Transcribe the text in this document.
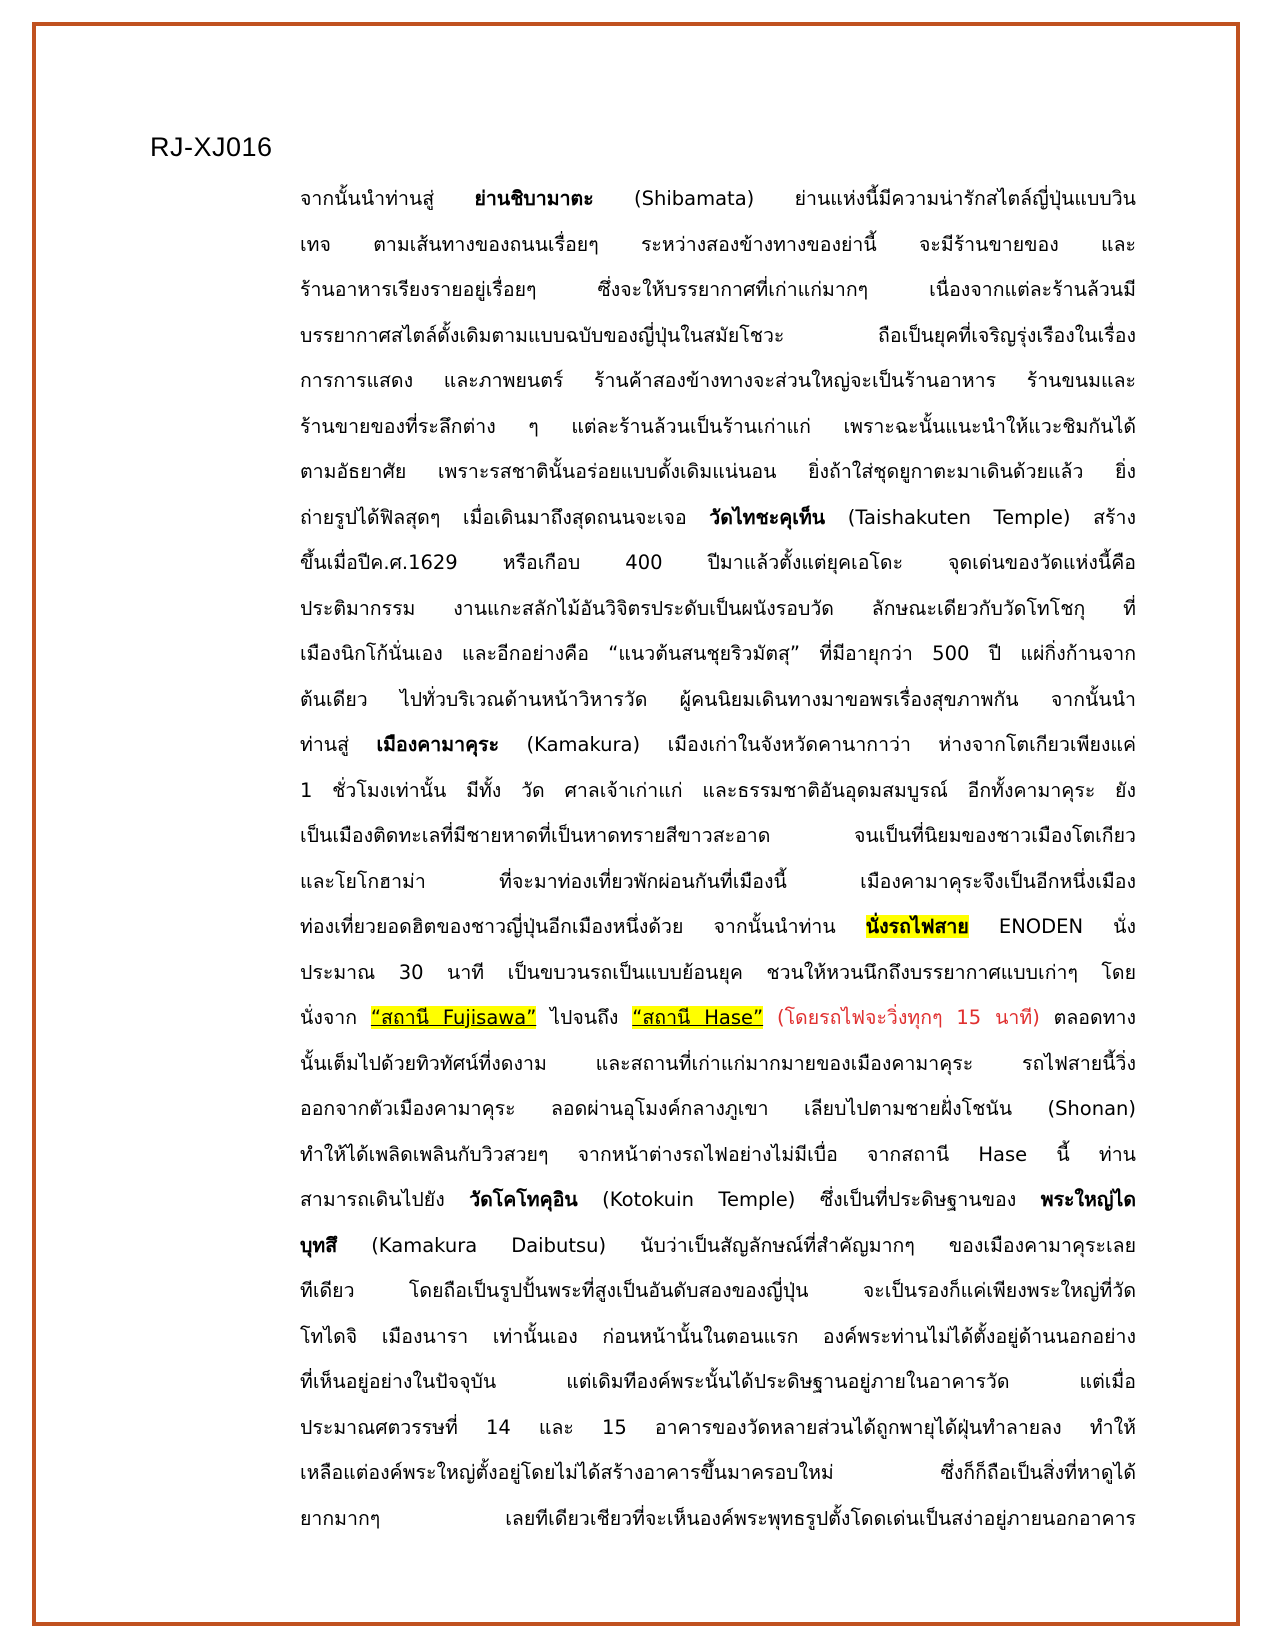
RJ-XJ016
จากนั้นนำท่านสู่ ย่านชิบามาตะ (Shibamata) ย่านแห่งนี้มีความน่ารักสไตล์ญี่ปุ่นแบบวิน
เทจ ตามเส้นทางของถนนเรื่อยๆ ระหว่างสองข้างทางของย่านี้ จะมีร้านขายของ และ
ร้านอาหารเรียงรายอยู่เรื่อยๆ ซึ่งจะให้บรรยากาศที่เก่าแก่มากๆ เนื่องจากแต่ละร้านล้วนมี
บรรยากาศสไตล์ดั้งเดิมตามแบบฉบับของญี่ปุ่นในสมัยโชวะ ถือเป็นยุคที่เจริญรุ่งเรืองในเรื่อง
การการแสดง และภาพยนตร์ ร้านค้าสองข้างทางจะส่วนใหญ่จะเป็นร้านอาหาร ร้านขนมและ
ร้านขายของที่ระลึกต่าง ๆ แต่ละร้านล้วนเป็นร้านเก่าแก่ เพราะฉะนั้นแนะนำให้แวะชิมกันได้
ตามอัธยาศัย เพราะรสชาตินั้นอร่อยแบบดั้งเดิมแน่นอน ยิ่งถ้าใส่ชุดยูกาตะมาเดินด้วยแล้ว ยิ่ง
ถ่ายรูปได้ฟิลสุดๆ เมื่อเดินมาถึงสุดถนนจะเจอ วัดไทชะคุเท็น (Taishakuten Temple) สร้าง
ขึ้นเมื่อปีค.ศ.1629 หรือเกือบ 400 ปีมาแล้วตั้งแต่ยุคเอโดะ จุดเด่นของวัดแห่งนี้คือ
ประติมากรรม งานแกะสลักไม้อันวิจิตรประดับเป็นผนังรอบวัด ลักษณะเดียวกับวัดโทโชกุ ที่
เมืองนิกโก้นั่นเอง และอีกอย่างคือ “แนวต้นสนชุยริวมัตสุ” ที่มีอายุกว่า 500 ปี แผ่กิ่งก้านจาก
ต้นเดียว ไปทั่วบริเวณด้านหน้าวิหารวัด ผู้คนนิยมเดินทางมาขอพรเรื่องสุขภาพกัน จากนั้นนำ
ท่านสู่ เมืองคามาคุระ (Kamakura) เมืองเก่าในจังหวัดคานากาว่า ห่างจากโตเกียวเพียงแค่
1 ชั่วโมงเท่านั้น มีทั้ง วัด ศาลเจ้าเก่าแก่ และธรรมชาติอันอุดมสมบูรณ์ อีกทั้งคามาคุระ ยัง
เป็นเมืองติดทะเลที่มีชายหาดที่เป็นหาดทรายสีขาวสะอาด จนเป็นที่นิยมของชาวเมืองโตเกียว
และโยโกฮาม่า ที่จะมาท่องเที่ยวพักผ่อนกันที่เมืองนี้ เมืองคามาคุระจึงเป็นอีกหนึ่งเมือง
ท่องเที่ยวยอดฮิตของชาวญี่ปุ่นอีกเมืองหนึ่งด้วย จากนั้นนำท่าน นั่งรถไฟสาย ENODEN นั่ง
ประมาณ 30 นาที เป็นขบวนรถเป็นแบบย้อนยุค ชวนให้หวนนึกถึงบรรยากาศแบบเก่าๆ โดย
นั่งจาก “สถานี Fujisawa” ไปจนถึง “สถานี Hase” (โดยรถไฟจะวิ่งทุกๆ 15 นาที) ตลอดทาง
นั้นเต็มไปด้วยทิวทัศน์ที่งดงาม และสถานที่เก่าแก่มากมายของเมืองคามาคุระ รถไฟสายนี้วิ่ง
ออกจากตัวเมืองคามาคุระ ลอดผ่านอุโมงค์กลางภูเขา เลียบไปตามชายฝั่งโชนัน (Shonan)
ทำให้ได้เพลิดเพลินกับวิวสวยๆ จากหน้าต่างรถไฟอย่างไม่มีเบื่อ จากสถานี Hase นี้ ท่าน
สามารถเดินไปยัง วัดโคโทคุอิน (Kotokuin Temple) ซึ่งเป็นที่ประดิษฐานของ พระใหญ่ได
บุทสึ (Kamakura Daibutsu) นับว่าเป็นสัญลักษณ์ที่สำคัญมากๆ ของเมืองคามาคุระเลย
ทีเดียว โดยถือเป็นรูปปั้นพระที่สูงเป็นอันดับสองของญี่ปุ่น จะเป็นรองก็แค่เพียงพระใหญ่ที่วัด
โทไดจิ เมืองนารา เท่านั้นเอง ก่อนหน้านั้นในตอนแรก องค์พระท่านไม่ได้ตั้งอยู่ด้านนอกอย่าง
ที่เห็นอยู่อย่างในปัจจุบัน แต่เดิมทีองค์พระนั้นได้ประดิษฐานอยู่ภายในอาคารวัด แต่เมื่อ
ประมาณศตวรรษที่ 14 และ 15 อาคารของวัดหลายส่วนได้ถูกพายุได้ฝุ่นทำลายลง ทำให้
เหลือแต่องค์พระใหญ่ตั้งอยู่โดยไม่ได้สร้างอาคารขึ้นมาครอบใหม่ ซึ่งก็ก็ถือเป็นสิ่งที่หาดูได้
ยากมากๆ เลยทีเดียวเชียวที่จะเห็นองค์พระพุทธรูปตั้งโดดเด่นเป็นสง่าอยู่ภายนอกอาคาร
